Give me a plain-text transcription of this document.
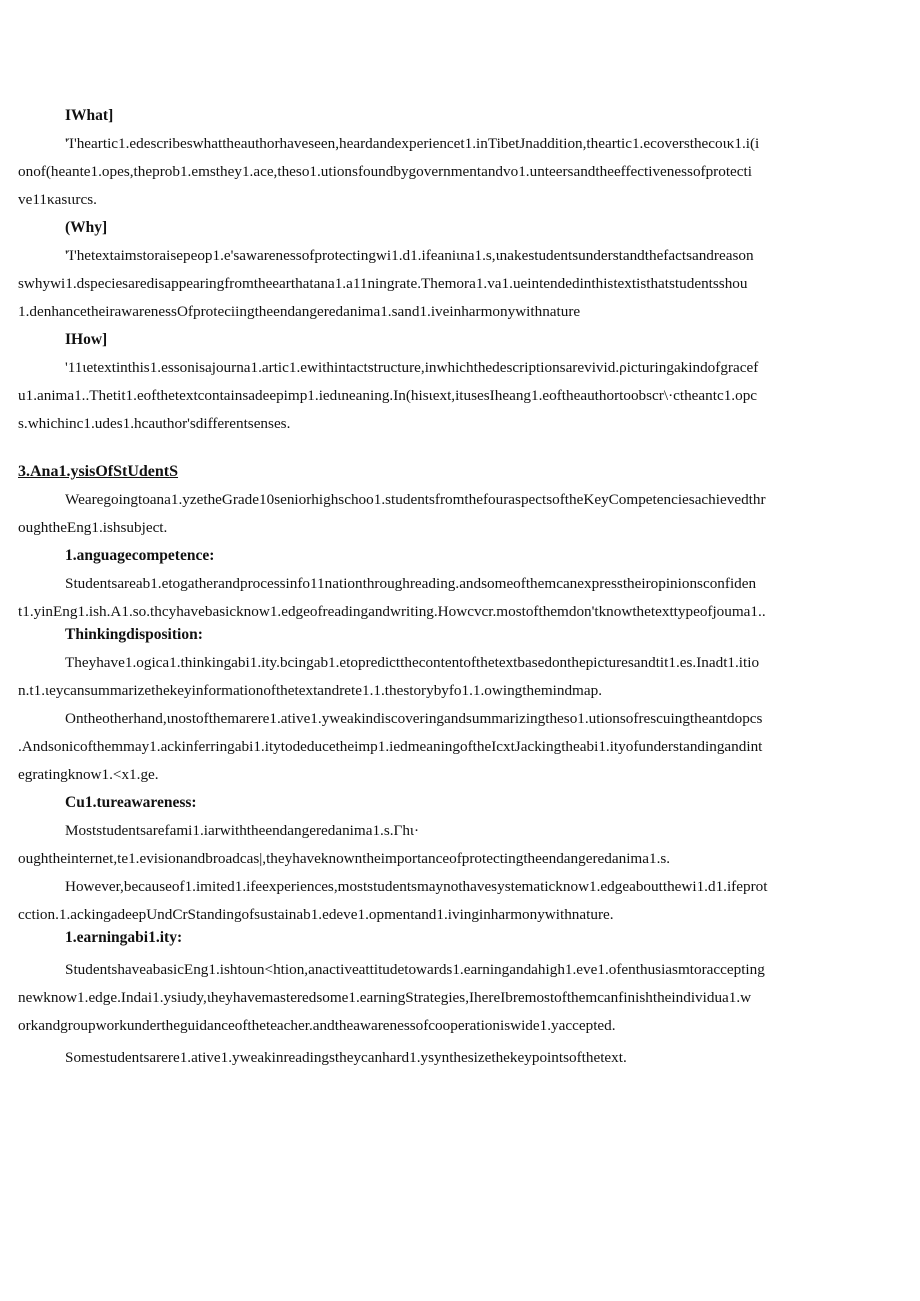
IWhat]
'Ί'heartic1.edescribeswhattheauthorhaveseen,heardandexperiencet1.inTibetJnaddition,theartic1.ecoversthecoικ1.i(i
onof(heante1.opes,theprob1.emsthey1.ace,theso1.utionsfoundbygovernmentandvo1.unteersandtheeffectivenessofprotecti
ve11κasιιrcs.
(Why]
'Ί'hetextaimstoraisepeop1.e'sawarenessofprotectingwi1.d1.ifeaniιna1.s,ιnakestudentsunderstandthefactsandreason
swhywi1.dspeciesaredisappearingfromtheearthatana1.a11ningrate.Themora1.va1.ueintendedinthistextisthatstudentsshou
1.denhancetheirawarenessOfproteciingtheendangeredanima1.sand1.iveinharmonywithnature
IHow]
'11ιetextinthis1.essonisajourna1.artic1.ewithintactstructure,inwhichthedescriptionsarevivid.ρicturingakindofgracef
u1.anima1..Thetit1.eofthetextcontainsadeepimp1.iedιneaning.In(hisιext,itusesΙheang1.eoftheauthortoobscr\·ctheantc1.opc
s.whichinc1.udes1.hcauthor'sdifferentsenses.
3.Ana1.ysisOfStUdentS
Wearegoingtoana1.yzetheGrade10seniorhighschoo1.studentsfromthefouraspectsoftheKeyCompetenciesachievedthr
oughtheEng1.ishsubject.
1.anguagecompetence:
Studentsareab1.etogatherandprocessinfo11nationthroughreading.andsomeofthemcanexpresstheiropinionsconfiden
t1.yinEng1.ish.A1.so.thcyhavebasicknow1.edgeofreadingandwriting.Howcvcr.mostofthemdon'tknowthetexttypeofjouma1..
Thinkingdisposition:
Theyhave1.ogica1.thinkingabi1.ity.bcingab1.etopredictthecontentofthetextbasedonthepicturesandtit1.es.Inadt1.itio
n.t1.ιeycansummarizethekeyinformationofthetextandrete1.1.thestorybyfo1.1.owingthemindmap.
Ontheotherhand,ιnostofthemarere1.ative1.yweakindiscoveringandsummarizingtheso1.utionsofrescuingtheantdopcs
.Andsonicofthemmay1.ackinferringabi1.itytodeducetheimp1.iedmeaningoftheIcxtJackingtheabi1.ityofunderstandingandint
egratingknow1.<x1.ge.
Cu1.tureawareness:
Moststudentsarefami1.iarwiththeendangeredanima1.s.Γhι·
oughtheinternet,te1.evisionandbroadcas|,theyhaveknowntheimportanceofprotectingtheendangeredanima1.s.
However,becauseof1.imited1.ifeexperiences,moststudentsmaynothavesystematicknow1.edgeaboutthewi1.d1.ifeprot
cction.1.ackingadeepUndCrStandingofsustainab1.edeve1.opmentand1.ivinginharmonywithnature.
1.earningabi1.ity:
StudentshaveabasicEng1.ishtoun<htion,anactiveattitudetowards1.earningandahigh1.eve1.ofenthusiasmtoraccepting
newknow1.edge.Indai1.ysiudy,ιheyhavemasteredsome1.earningStrategies,IhereIbremostofthemcanfinishtheindividua1.w
orkandgroupworkundertheguidanceoftheteacher.andtheawarenessofcooperationiswide1.yaccepted.
Somestudentsarere1.ative1.yweakinreadingstheycanhard1.ysynthesizethekeypointsofthetext.
